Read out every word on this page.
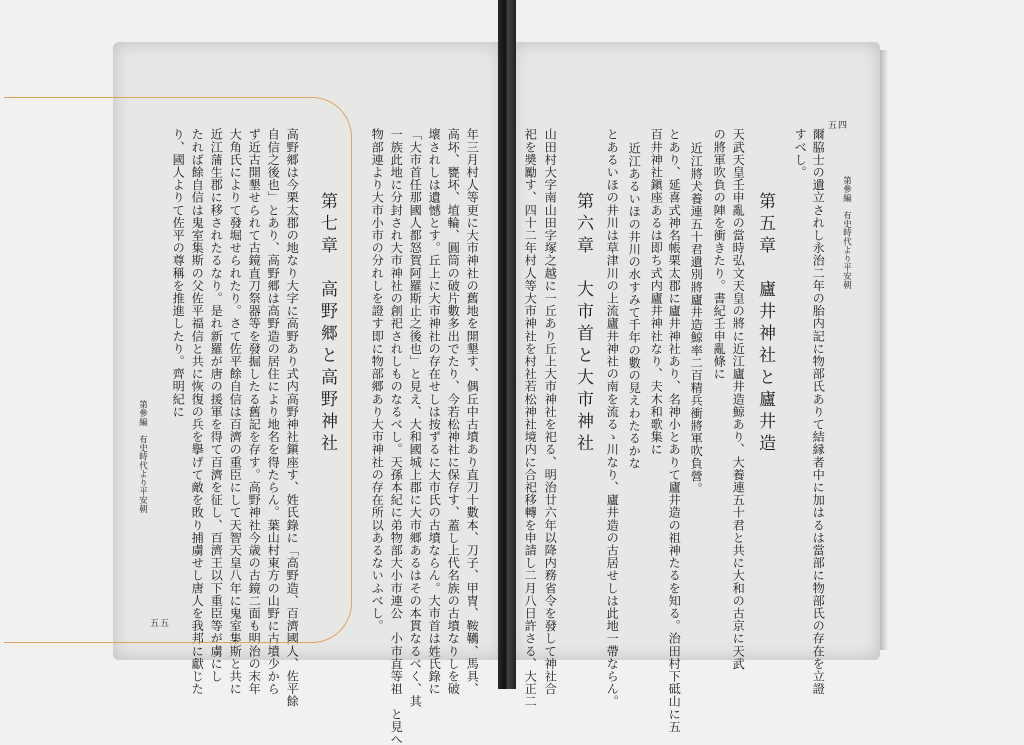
第參編　有史時代より平安朝
五四
爾脇士の遺立されし永治二年の胎内記に物部氏ありて結縁者中に加はるは當部に物部氏の存在を立證
すべし。
第五章　廬井神社と廬井造
天武天皇壬申亂の當時弘文天皇の將に近江廬井造鯨あり、大養連五十君と共に大和の古京に天武
の將軍吹負の陣を衝きたり。書紀壬申亂條に
近江將犬養連五十君遺別將廬井造鯨率二百精兵衝將軍吹負營。
とあり、延喜式神名帳栗太郡に廬井神社あり、名神小とありて廬井造の祖神たるを知る。治田村下砥山に五
百井神社鎭座あるは即ち式内廬井神社なり、夫木和歌集に
近江あるいほの井川の水すみて千年の數の見えわたるかな
とあるいほの井川は草津川の上流廬井神社の南を流るゝ川なり、廬井造の古居せしは此地一帶ならん。
第六章　大市首と大市神社
山田村大字南山田字塚之越に一丘あり丘上大市神社を祀る、明治廿六年以降内務省令を發して神社合
祀を奬勵す、四十二年村人等大市神社を村社若松神社境内に合祀移轉を申請し二月八日許さる、大正二
年三月村人等更に大市神社の舊地を開墾す、偶丘中古墳あり直刀十數本、刀子、甲冑、鞍韉、馬具、
高坏、甕坏、埴輪、圓筒の破片數多出でたり、今若松神社に保存す、蓋し上代名族の古墳なりしを破
壞されしは遺憾とす。丘上に大市神社の存在せしは按ずるに大市氏の古墳ならん。大市首は姓氏錄に
「大市首任那國人都怒賀阿羅斯止之後也」と見え、大和國城上郡に大市郷あるはその本貫なるべく、其
一族此地に分封され大市神社の創祀されしものなるべし。天孫本紀に弟物部大小市連公　小市直等祖　と見へ
物部連より大市小市の分れしを證す即に物部郷あり大市神社の存在所以あるないふべし。
第七章　高野郷と高野神社
高野郷は今栗太郡の地なり大字に高野あり式内高野神社鎭座す、姓氏錄に「高野造、百濟國人、佐平餘
自信之後也」とあり、高野郷は高野造の居住により地名を得たらん。葉山村東方の山野に古墳少から
ず近古開墾せられて古鏡直刀祭器等を發掘したる舊記を存す。高野神社今歳の古鏡二面も明治の末年
大角氏によりて發堀せられたり。さて佐平餘自信は百濟の重臣にして天智天皇八年に鬼室集斯と共に
近江蒲生郡に移されたるなり。是れ新羅が唐の援軍を得て百濟を征し、百濟王以下重臣等が虜にし
たれば餘自信は鬼室集斯の父佐平福信と共に恢復の兵を擧げて敵を敗り捕虜せし唐人を我邦に獻じた
り、國人よりて佐平の尊稱を推進したり。齊明紀に
第參編　有史時代より平安朝
五五
